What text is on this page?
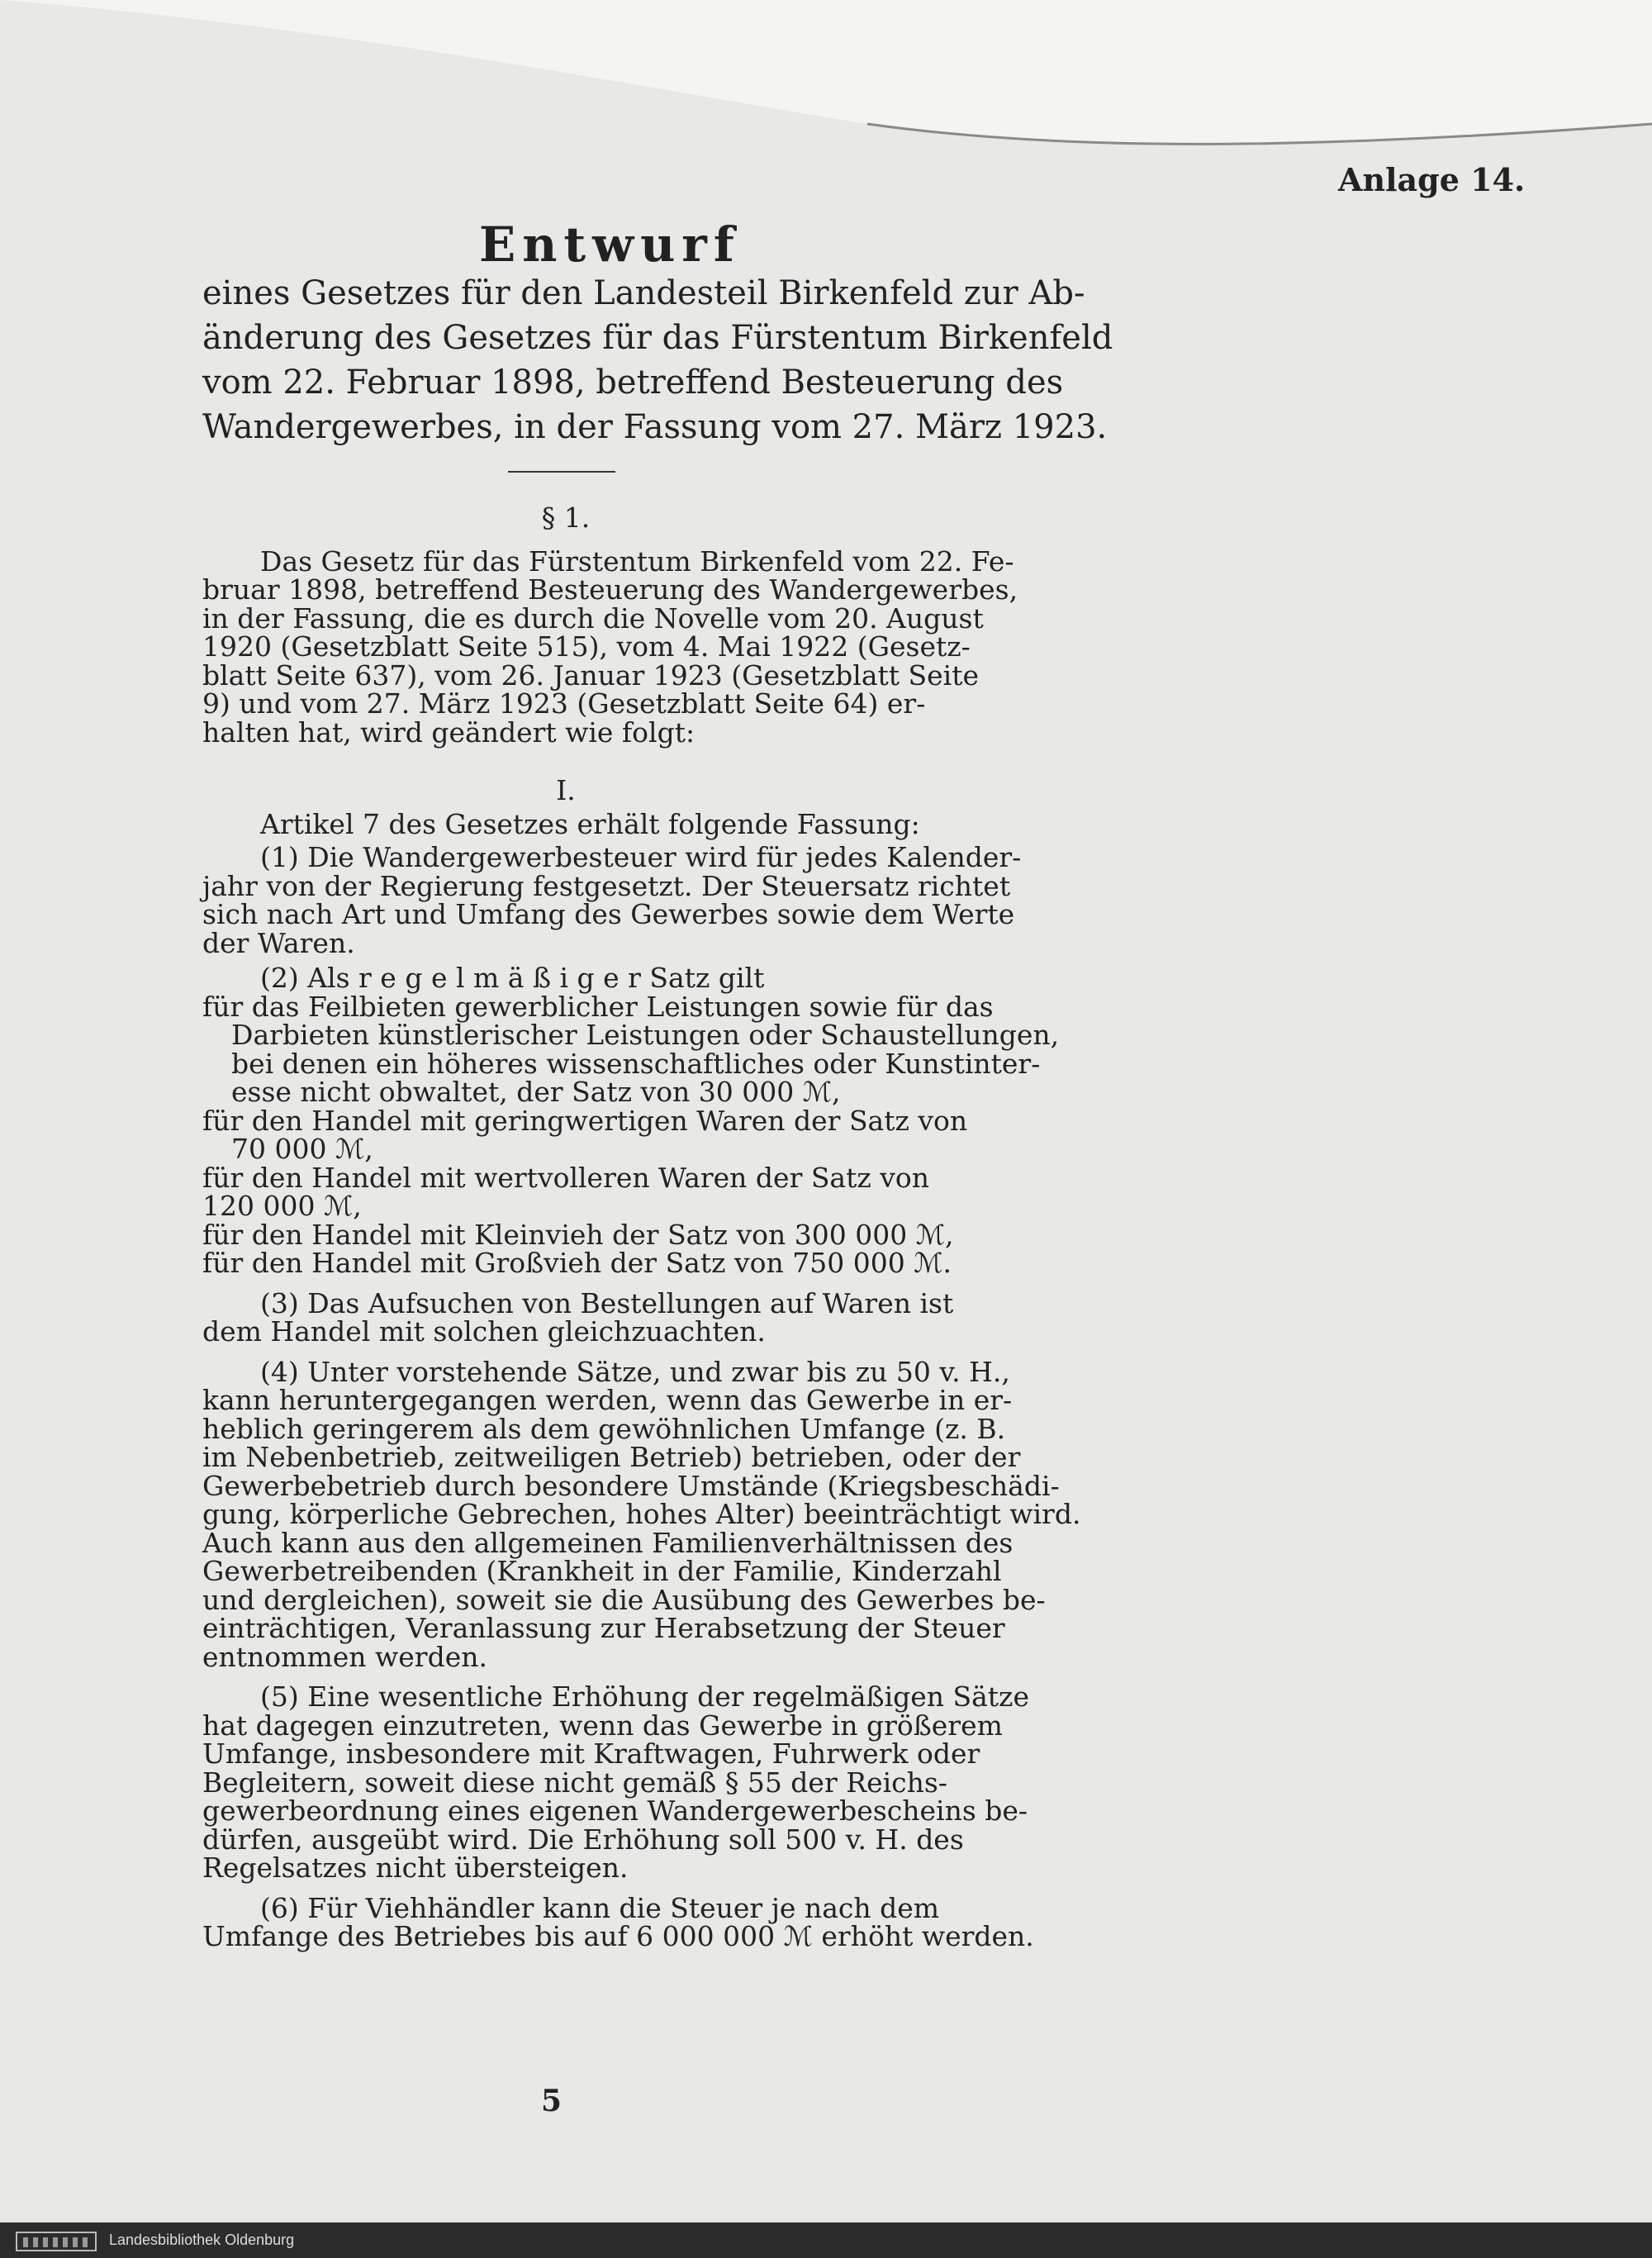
Anlage 14.
Entwurf
eines Gesetzes für den Landesteil Birkenfeld zur Ab-
änderung des Gesetzes für das Fürstentum Birkenfeld
vom 22. Februar 1898, betreffend Besteuerung des
Wandergewerbes, in der Fassung vom 27. März 1923.
§ 1.
Das Gesetz für das Fürstentum Birkenfeld vom 22. Fe-
bruar 1898, betreffend Besteuerung des Wandergewerbes,
in der Fassung, die es durch die Novelle vom 20. August
1920 (Gesetzblatt Seite 515), vom 4. Mai 1922 (Gesetz-
blatt Seite 637), vom 26. Januar 1923 (Gesetzblatt Seite
9) und vom 27. März 1923 (Gesetzblatt Seite 64) er-
halten hat, wird geändert wie folgt:
I.
Artikel 7 des Gesetzes erhält folgende Fassung:
(1) Die Wandergewerbesteuer wird für jedes Kalender-
jahr von der Regierung festgesetzt. Der Steuersatz richtet
sich nach Art und Umfang des Gewerbes sowie dem Werte
der Waren.
(2) Als r e g e l m ä ß i g e r Satz gilt
für das Feilbieten gewerblicher Leistungen sowie für das
Darbieten künstlerischer Leistungen oder Schaustellungen,
bei denen ein höheres wissenschaftliches oder Kunstinter-
esse nicht obwaltet, der Satz von 30 000 ℳ,
für den Handel mit geringwertigen Waren der Satz von
70 000 ℳ,
für den Handel mit wertvolleren Waren der Satz von
120 000 ℳ,
für den Handel mit Kleinvieh der Satz von 300 000 ℳ,
für den Handel mit Großvieh der Satz von 750 000 ℳ.
(3) Das Aufsuchen von Bestellungen auf Waren ist
dem Handel mit solchen gleichzuachten.
(4) Unter vorstehende Sätze, und zwar bis zu 50 v. H.,
kann heruntergegangen werden, wenn das Gewerbe in er-
heblich geringerem als dem gewöhnlichen Umfange (z. B.
im Nebenbetrieb, zeitweiligen Betrieb) betrieben, oder der
Gewerbebetrieb durch besondere Umstände (Kriegsbeschädi-
gung, körperliche Gebrechen, hohes Alter) beeinträchtigt wird.
Auch kann aus den allgemeinen Familienverhältnissen des
Gewerbetreibenden (Krankheit in der Familie, Kinderzahl
und dergleichen), soweit sie die Ausübung des Gewerbes be-
einträchtigen, Veranlassung zur Herabsetzung der Steuer
entnommen werden.
(5) Eine wesentliche Erhöhung der regelmäßigen Sätze
hat dagegen einzutreten, wenn das Gewerbe in größerem
Umfange, insbesondere mit Kraftwagen, Fuhrwerk oder
Begleitern, soweit diese nicht gemäß § 55 der Reichs-
gewerbeordnung eines eigenen Wandergewerbescheins be-
dürfen, ausgeübt wird. Die Erhöhung soll 500 v. H. des
Regelsatzes nicht übersteigen.
(6) Für Viehhändler kann die Steuer je nach dem
Umfange des Betriebes bis auf 6 000 000 ℳ erhöht werden.
5
Landesbibliothek Oldenburg
